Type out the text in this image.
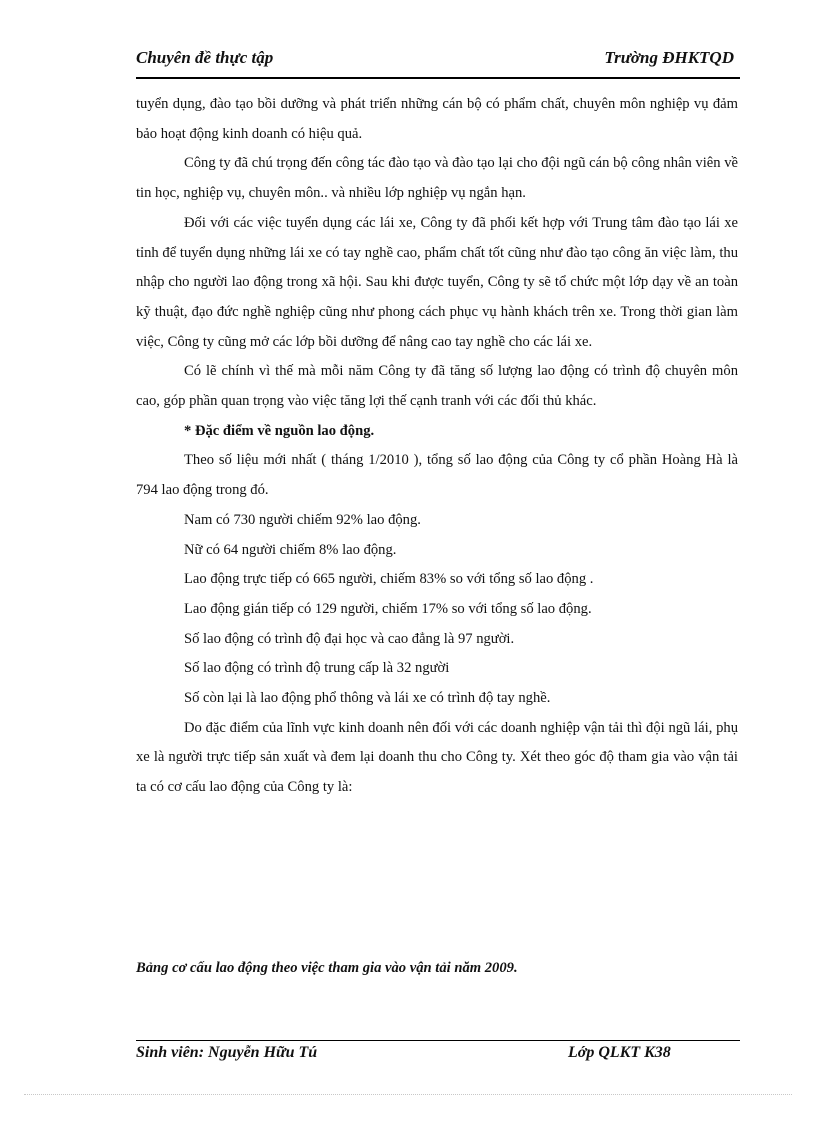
Chuyên đề thực tập	Trường ĐHKTQD

tuyển dụng, đào tạo bồi dưỡng và phát triển những cán bộ có phẩm chất, chuyên môn nghiệp vụ đảm bảo hoạt động kinh doanh có hiệu quả.

Công ty đã chú trọng đến công tác đào tạo và đào tạo lại cho đội ngũ cán bộ công nhân viên về tin học, nghiệp vụ, chuyên môn.. và nhiều lớp nghiệp vụ ngắn hạn.

Đối với các việc tuyển dụng các lái xe, Công ty đã phối kết hợp với Trung tâm đào tạo lái xe tỉnh để tuyển dụng những lái xe có tay nghề cao, phẩm chất tốt cũng như đào tạo công ăn việc làm, thu nhập cho người lao động trong xã hội. Sau khi được tuyển, Công ty sẽ tổ chức một lớp dạy về an toàn kỹ thuật, đạo đức nghề nghiệp cũng như phong cách phục vụ hành khách trên xe. Trong thời gian làm việc, Công ty cũng mở các lớp bồi dưỡng để nâng cao tay nghề cho các lái xe.

Có lẽ chính vì thế mà mỗi năm Công ty đã tăng số lượng lao động có trình độ chuyên môn cao, góp phần quan trọng vào việc tăng lợi thế cạnh tranh với các đối thủ khác.

* Đặc điểm về nguồn lao động.

Theo số liệu mới nhất ( tháng 1/2010 ), tổng số lao động của Công ty cổ phần Hoàng Hà là 794 lao động trong đó.

Nam có 730 người chiếm 92% lao động.

Nữ có 64 người chiếm 8% lao động.

Lao động trực tiếp có 665 người, chiếm 83% so với tổng số lao động .

Lao động gián tiếp có 129 người, chiếm 17% so với tổng số lao động.

Số lao động có trình độ đại học và cao đẳng là 97 người.

Số lao động có trình độ trung cấp là 32 người

Số còn lại là lao động phổ thông và lái xe có trình độ tay nghề.

Do đặc điểm của lĩnh vực kinh doanh nên đối với các doanh nghiệp vận tải thì đội ngũ lái, phụ xe là người trực tiếp sản xuất và đem lại doanh thu cho Công ty. Xét theo góc độ tham gia vào vận tải ta có cơ cấu lao động của Công ty là:

Bảng cơ cấu lao động theo việc tham gia vào vận tải năm 2009.
Sinh viên: Nguyễn Hữu Tú	Lớp QLKT K38
